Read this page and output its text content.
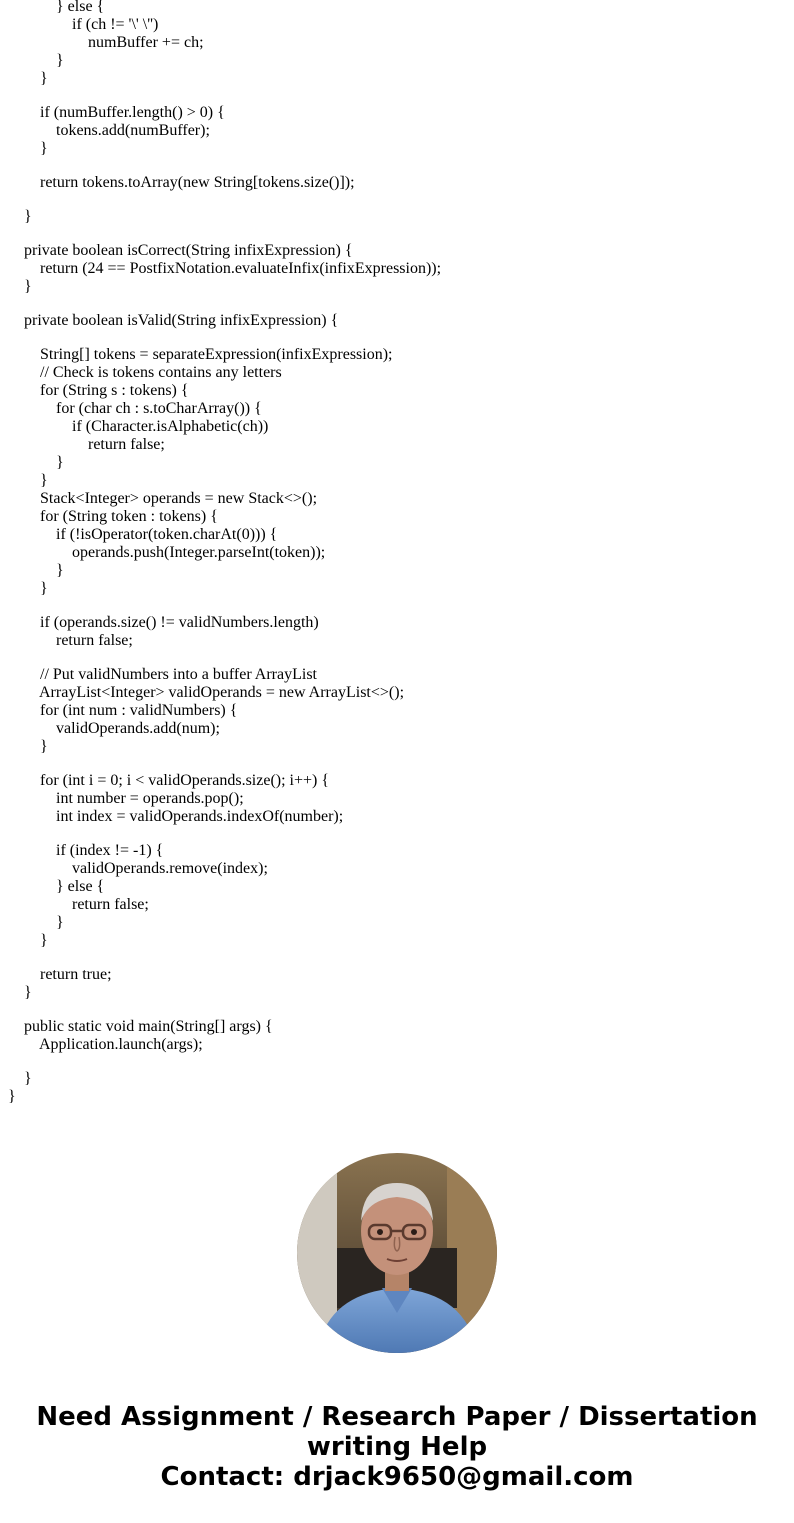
} else {
if (ch != '\' \'')
numBuffer += ch;
}
}
if (numBuffer.length() > 0) {
tokens.add(numBuffer);
}
return tokens.toArray(new String[tokens.size()]);
}
private boolean isCorrect(String infixExpression) {
return (24 == PostfixNotation.evaluateInfix(infixExpression));
}
private boolean isValid(String infixExpression) {
String[] tokens = separateExpression(infixExpression);
// Check is tokens contains any letters
for (String s : tokens) {
for (char ch : s.toCharArray()) {
if (Character.isAlphabetic(ch))
return false;
}
}
Stack<Integer> operands = new Stack<>();
for (String token : tokens) {
if (!isOperator(token.charAt(0))) {
operands.push(Integer.parseInt(token));
}
}
if (operands.size() != validNumbers.length)
return false;
// Put validNumbers into a buffer ArrayList
ArrayList<Integer> validOperands = new ArrayList<>();
for (int num : validNumbers) {
validOperands.add(num);
}
for (int i = 0; i < validOperands.size(); i++) {
int number = operands.pop();
int index = validOperands.indexOf(number);
if (index != -1) {
validOperands.remove(index);
} else {
return false;
}
}
return true;
}
public static void main(String[] args) {
Application.launch(args);
}
}
Need Assignment / Research Paper / Dissertation
writing Help
Contact: drjack9650@gmail.com
